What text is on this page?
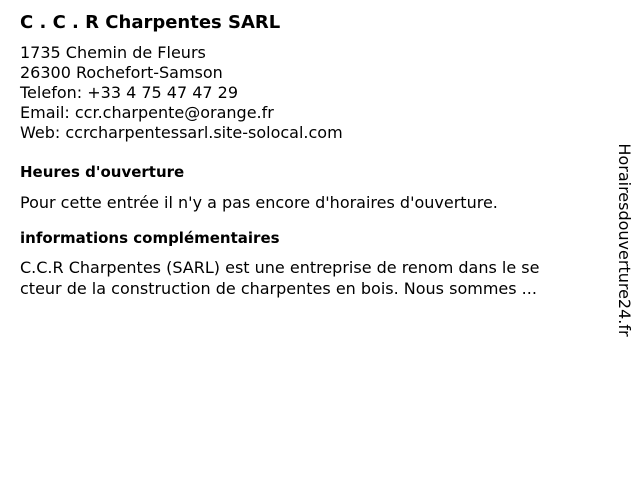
C . C . R Charpentes SARL
1735 Chemin de Fleurs
26300 Rochefort-Samson
Telefon: +33 4 75 47 47 29
Email: ccr.charpente@orange.fr
Web: ccrcharpentessarl.site-solocal.com
Heures d'ouverture
Pour cette entrée il n'y a pas encore d'horaires d'ouverture.
informations complémentaires
C.C.R Charpentes (SARL) est une entreprise de renom dans le se
cteur de la construction de charpentes en bois. Nous sommes ...	Horairesdouverture24.fr
